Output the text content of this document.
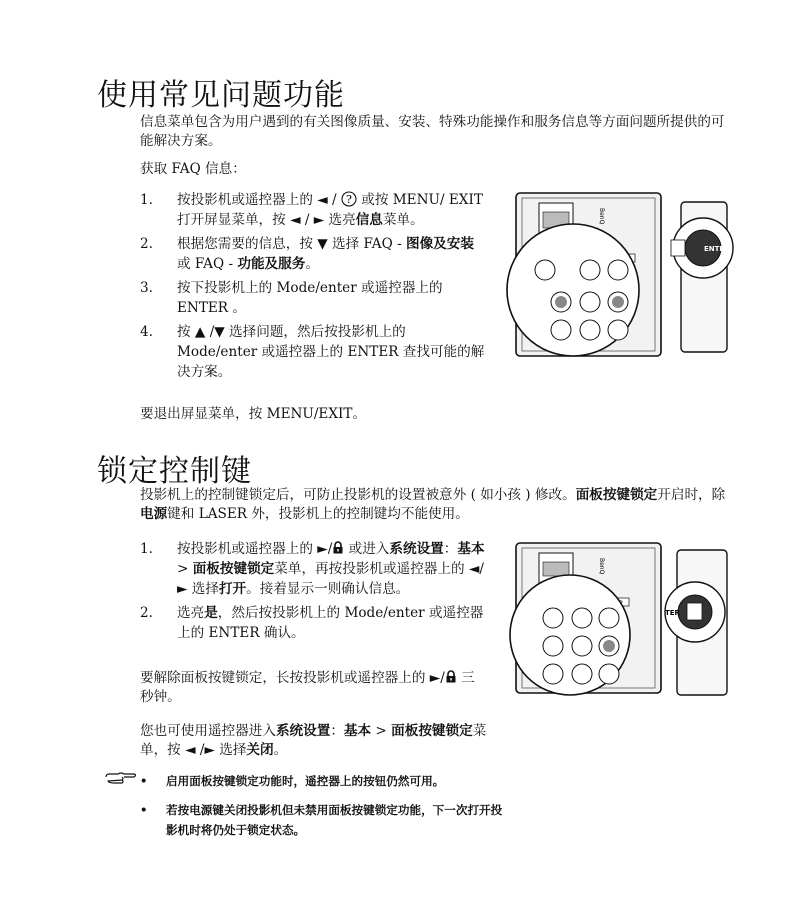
使用常见问题功能

信息菜单包含为用户遇到的有关图像质量、安装、特殊功能操作和服务信息等方面问题所提供的可能解决方案。

获取 FAQ 信息：

1. 按投影机或遥控器上的 ◄ / ? 或按 MENU/ EXIT 打开屏显菜单，按 ◄ / ► 选亮信息菜单。
2. 根据您需要的信息，按 ▼ 选择 FAQ - 图像及安装或 FAQ - 功能及服务。
3. 按下投影机上的 Mode/enter 或遥控器上的 ENTER 。
4. 按 ▲ /▼ 选择问题，然后按投影机上的 Mode/enter 或遥控器上的 ENTER 查找可能的解决方案。

要退出屏显菜单，按 MENU/EXIT。

BenQ
ENTER
锁定控制键

投影机上的控制键锁定后，可防止投影机的设置被意外 ( 如小孩 ) 修改。面板按键锁定开启时，除电源键和 LASER 外，投影机上的控制键均不能使用。

1. 按投影机或遥控器上的 ►/ 或进入系统设置：基本 > 面板按键锁定菜单，再按投影机或遥控器上的 ◄/► 选择打开。接着显示一则确认信息。
2. 选亮是，然后按投影机上的 Mode/enter 或遥控器上的 ENTER 确认。

要解除面板按键锁定，长按投影机或遥控器上的 ►/ 三秒钟。

您也可使用遥控器进入系统设置：基本 > 面板按键锁定菜单，按 ◄ /► 选择关闭。

• 启用面板按键锁定功能时，遥控器上的按钮仍然可用。
• 若按电源键关闭投影机但未禁用面板按键锁定功能，下一次打开投影机时将仍处于锁定状态。
BenQ
TER
